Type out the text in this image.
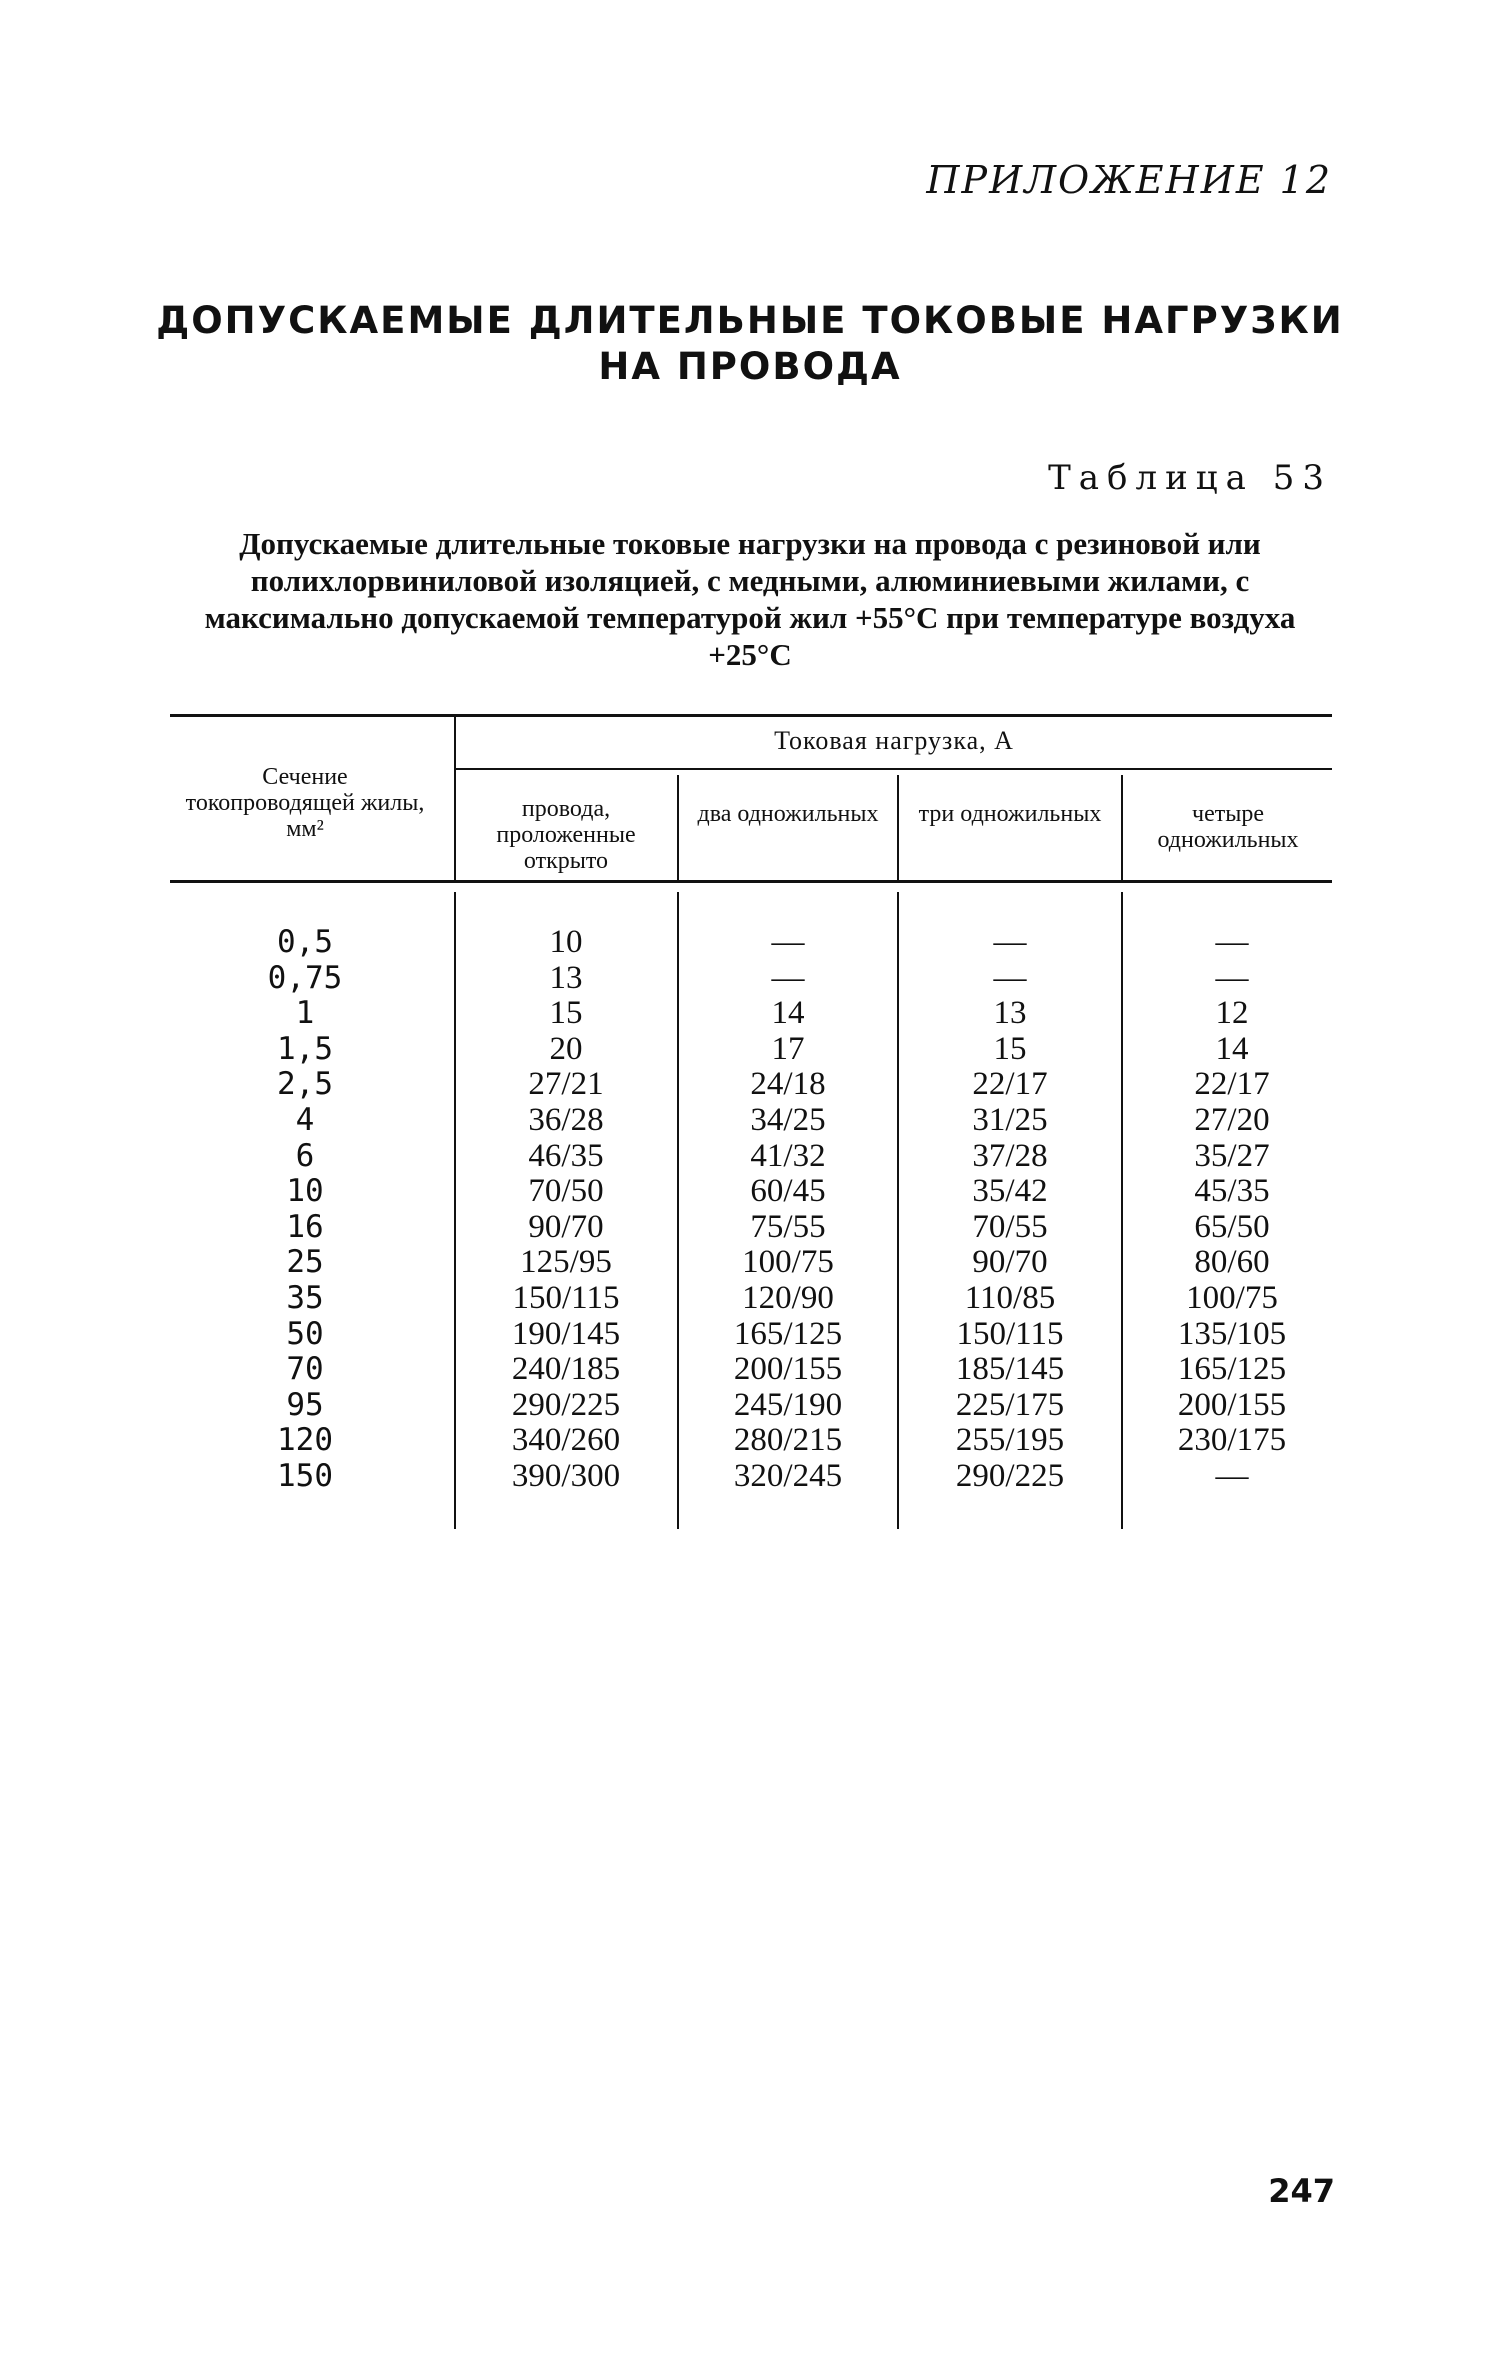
ПРИЛОЖЕНИЕ 12
ДОПУСКАЕМЫЕ ДЛИТЕЛЬНЫЕ ТОКОВЫЕ НАГРУЗКИ НА ПРОВОДА
Таблица 53
Допускаемые длительные токовые нагрузки на провода с резиновой или полихлорвиниловой изоляцией, с медными, алюминиевыми жилами, с максимально допускаемой температурой жил +55°С при температуре воздуха +25°С
Сечение токопроводящей жилы, мм²
Токовая нагрузка, А
провода, проложенные открыто
два одножильных	три одножильных	четыре одножильных
0,5
0,75
1
1,5
2,5
4
6
10
16
25
35
50
70
95
120
150
10
13
15
20
27/21
36/28
46/35
70/50
90/70
125/95
150/115
190/145
240/185
290/225
340/260
390/300
—
—
14
17
24/18
34/25
41/32
60/45
75/55
100/75
120/90
165/125
200/155
245/190
280/215
320/245
—
—
13
15
22/17
31/25
37/28
35/42
70/55
90/70
110/85
150/115
185/145
225/175
255/195
290/225
—
—
12
14
22/17
27/20
35/27
45/35
65/50
80/60
100/75
135/105
165/125
200/155
230/175
—
247
